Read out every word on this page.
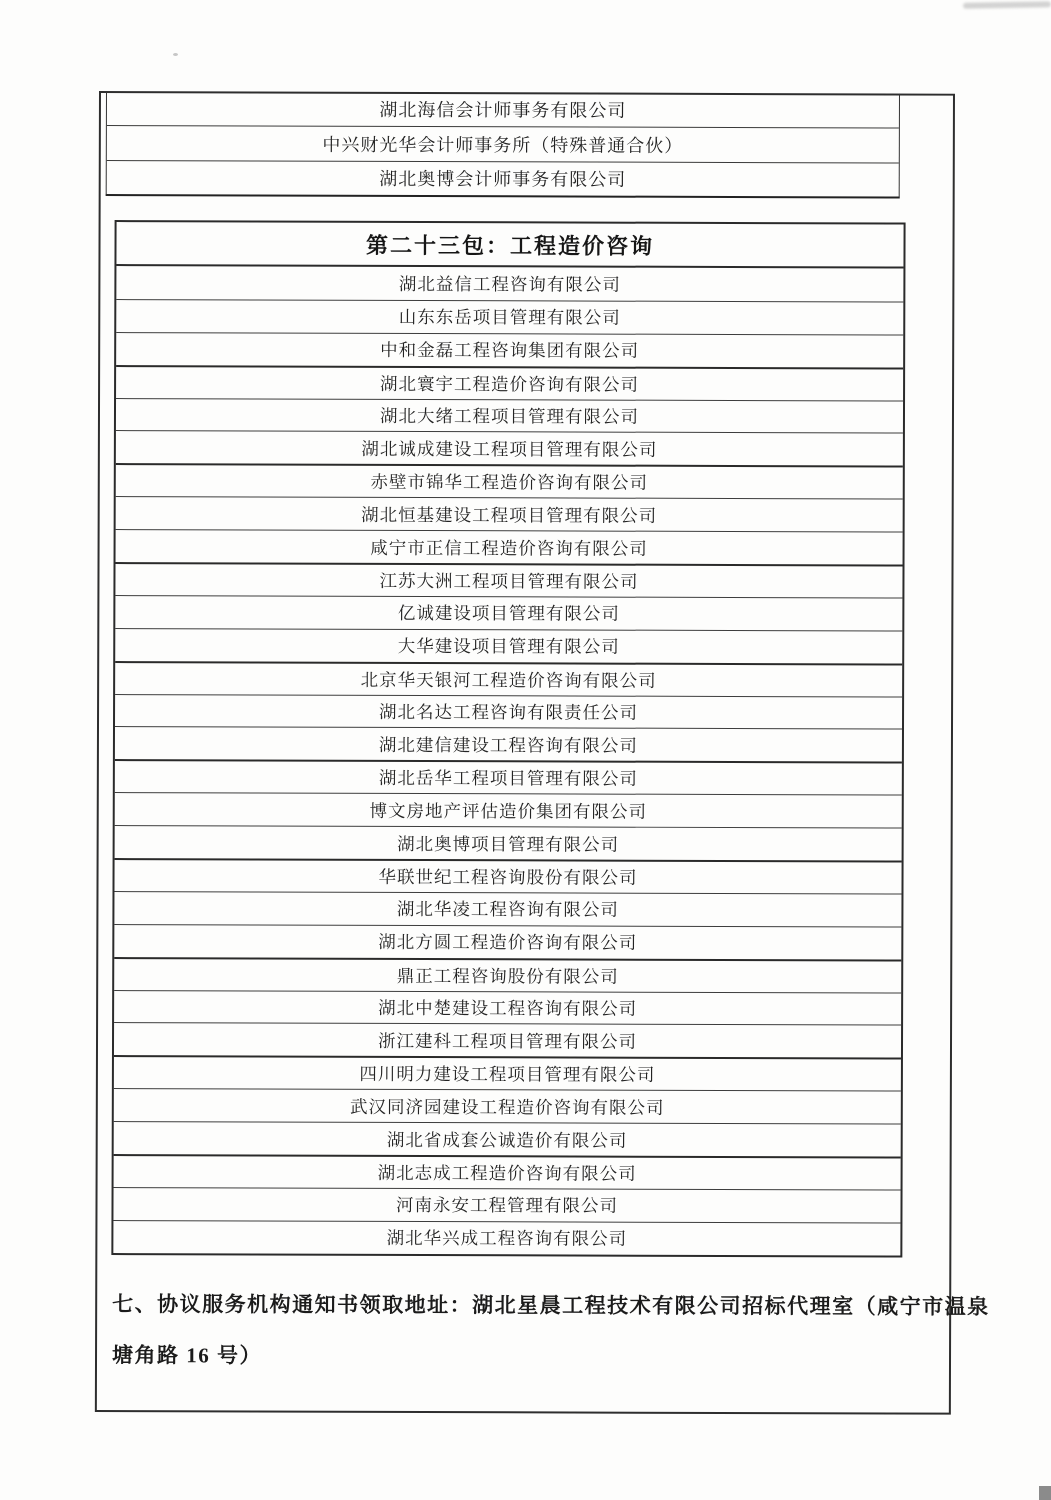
湖北海信会计师事务有限公司
中兴财光华会计师事务所（特殊普通合伙）
湖北奥博会计师事务有限公司
第二十三包：工程造价咨询
湖北益信工程咨询有限公司
山东东岳项目管理有限公司
中和金磊工程咨询集团有限公司
湖北寰宇工程造价咨询有限公司
湖北大绪工程项目管理有限公司
湖北诚成建设工程项目管理有限公司
赤壁市锦华工程造价咨询有限公司
湖北恒基建设工程项目管理有限公司
咸宁市正信工程造价咨询有限公司
江苏大洲工程项目管理有限公司
亿诚建设项目管理有限公司
大华建设项目管理有限公司
北京华天银河工程造价咨询有限公司
湖北名达工程咨询有限责任公司
湖北建信建设工程咨询有限公司
湖北岳华工程项目管理有限公司
博文房地产评估造价集团有限公司
湖北奥博项目管理有限公司
华联世纪工程咨询股份有限公司
湖北华凌工程咨询有限公司
湖北方圆工程造价咨询有限公司
鼎正工程咨询股份有限公司
湖北中楚建设工程咨询有限公司
浙江建科工程项目管理有限公司
四川明力建设工程项目管理有限公司
武汉同济园建设工程造价咨询有限公司
湖北省成套公诚造价有限公司
湖北志成工程造价咨询有限公司
河南永安工程管理有限公司
湖北华兴成工程咨询有限公司
七、协议服务机构通知书领取地址：湖北星晨工程技术有限公司招标代理室（咸宁市温泉
塘角路 16 号）
